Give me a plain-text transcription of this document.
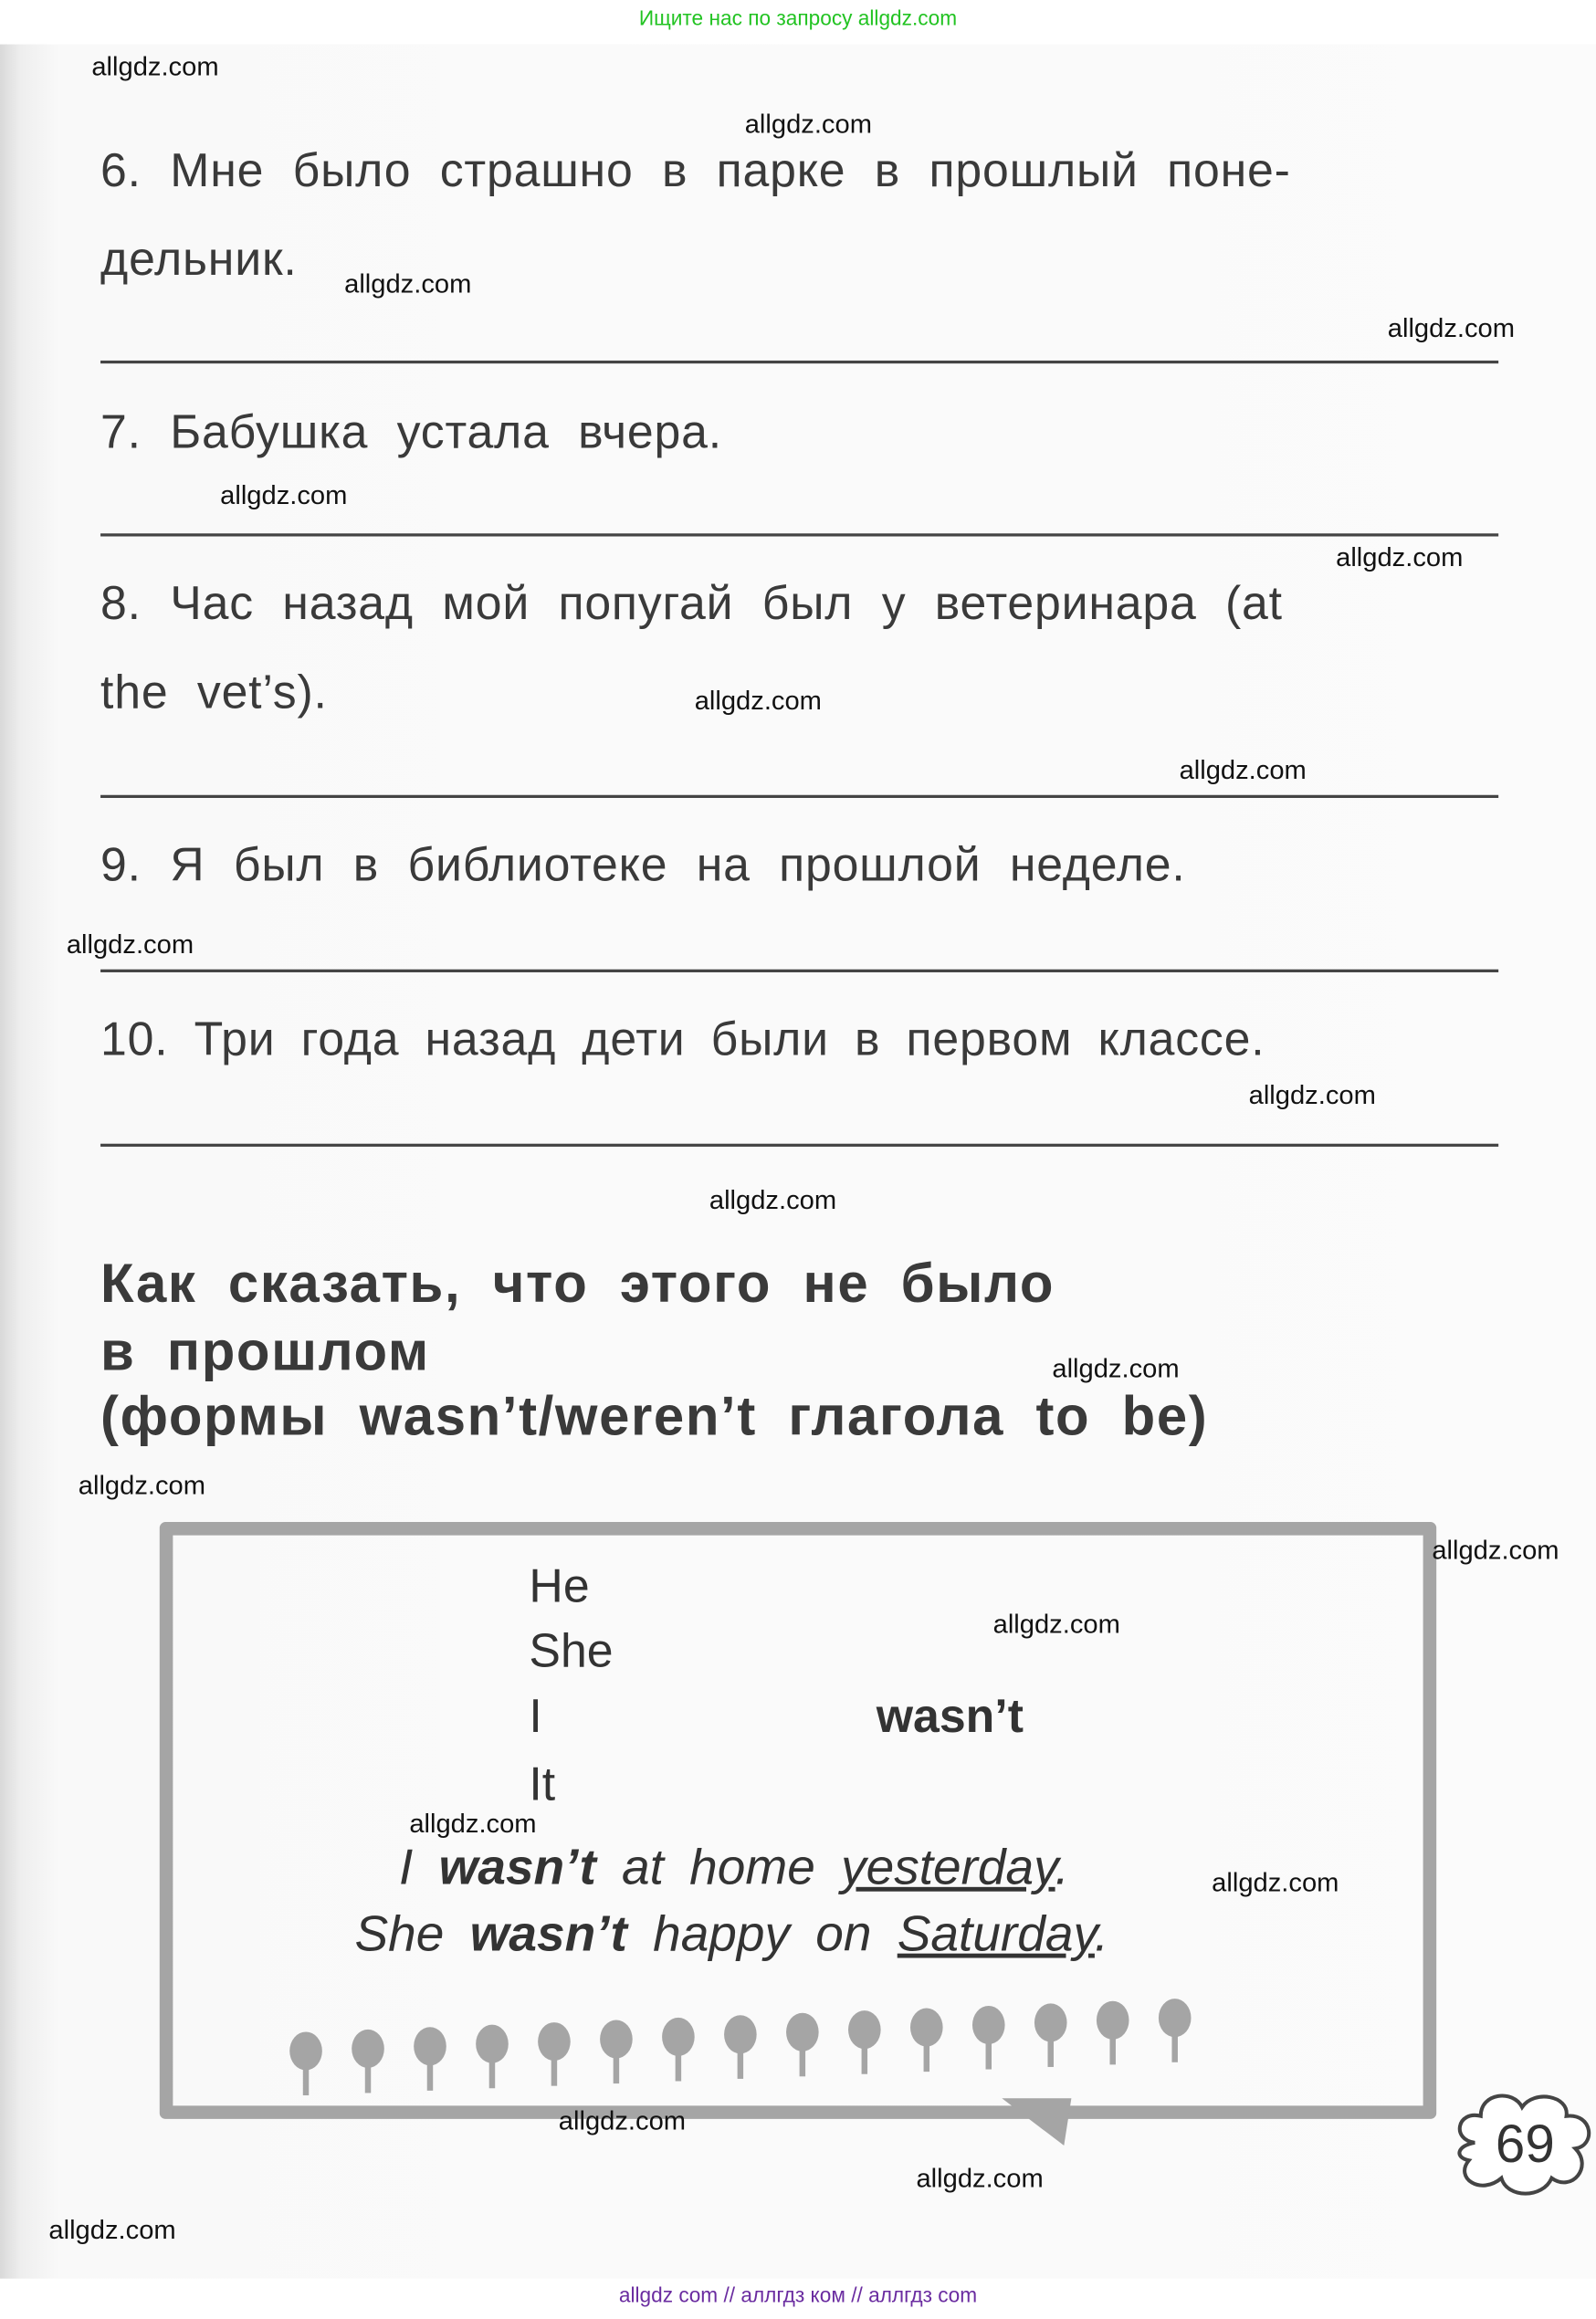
Ищите нас по запросу allgdz.com
6. Мне было страшно в парке в прошлый поне-
дельник.
7. Бабушка устала вчера.
8. Час назад мой попугай был у ветеринара (at
the vet’s).
9. Я был в библиотеке на прошлой неделе.
10. Три года назад дети были в первом классе.
Как сказать, что этого не было
в прошлом
(формы wasn’t/weren’t глагола to be)
He
She
I
It
wasn’t
I wasn’t at home yesterday.
She wasn’t happy on Saturday.
69
allgdz.com
allgdz.com
allgdz.com
allgdz.com
allgdz.com
allgdz.com
allgdz.com
allgdz.com
allgdz.com
allgdz.com
allgdz.com
allgdz.com
allgdz.com
allgdz.com
allgdz.com
allgdz.com
allgdz.com
allgdz.com
allgdz.com
allgdz.com
allgdz com // аллгдз ком // аллгдз com
